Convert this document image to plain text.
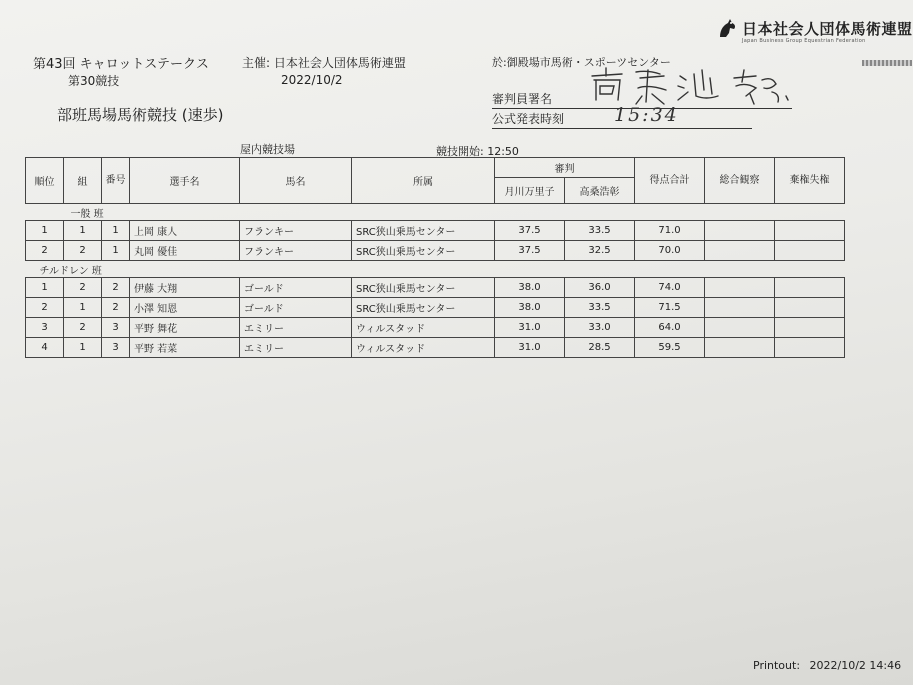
日本社会人団体馬術連盟
Japan Business Group Equestrian Federation
第43回 キャロットステークス	主催: 日本社会人団体馬術連盟	於:御殿場市馬術・スポーツセンター
第30競技	2022/10/2
部班馬場馬術競技 (速歩)
審判員署名
公式発表時刻	15:34
屋内競技場	競技開始: 12:50
順位	組	番号	選手名	馬名	所属	審判		得点合計	総合観察	棄権失権
						月川万里子	高桑浩彰			
一般 班										
1	1	1	上岡 康人	フランキー	SRC狭山乗馬センター	37.5	33.5	71.0		
2	2	1	丸岡 優佳	フランキー	SRC狭山乗馬センター	37.5	32.5	70.0		
チルドレン 班										
1	2	2	伊藤 大翔	ゴールド	SRC狭山乗馬センター	38.0	36.0	74.0		
2	1	2	小澤 知恩	ゴールド	SRC狭山乗馬センター	38.0	33.5	71.5		
3	2	3	平野 舞花	エミリー	ウィルスタッド	31.0	33.0	64.0		
4	1	3	平野 若菜	エミリー	ウィルスタッド	31.0	28.5	59.5		
Printout: 2022/10/2 14:46
